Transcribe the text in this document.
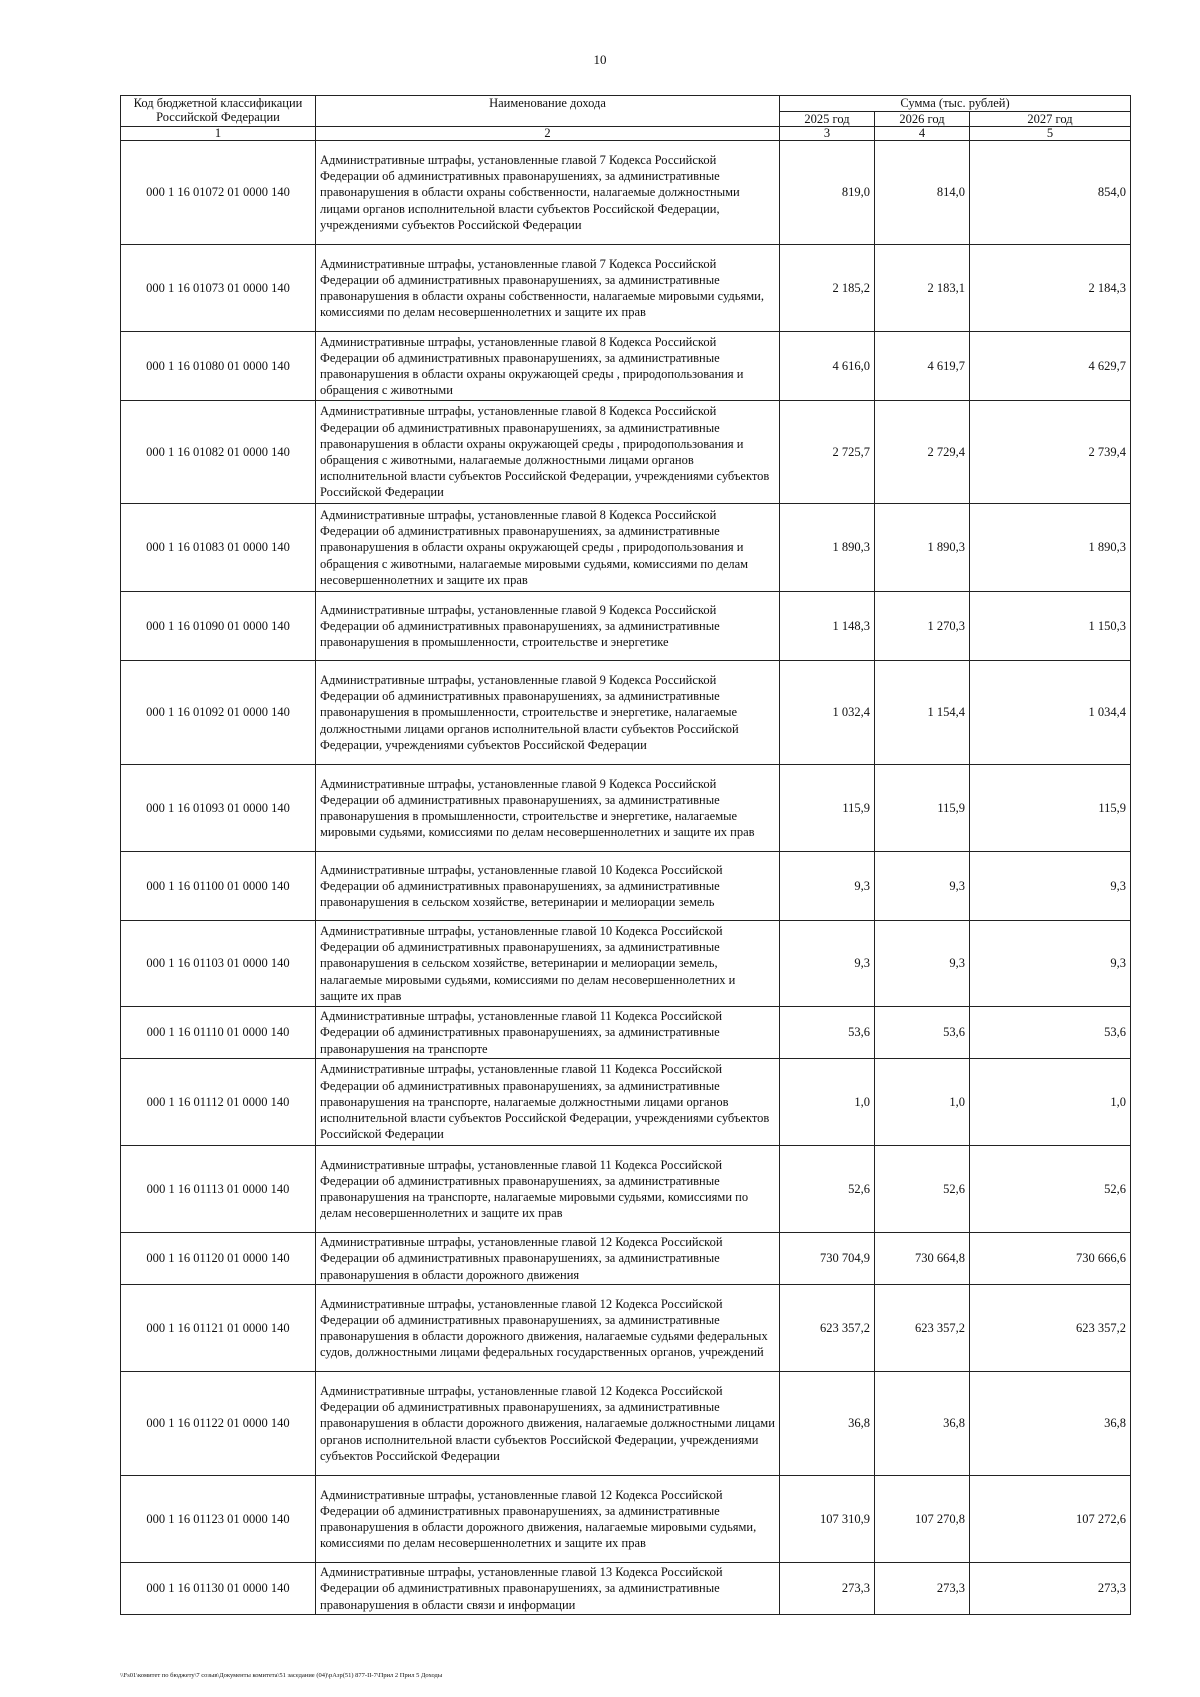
10
Код бюджетной классификации Российской Федерации	Наименование дохода	Сумма (тыс. рублей)		
		2025 год	2026 год	2027 год
1	2	3	4	5
000 1 16 01072 01 0000 140	Административные штрафы, установленные главой 7 Кодекса Российской Федерации об административных правонарушениях, за административные правонарушения в области охраны собственности, налагаемые должностными лицами органов исполнительной власти субъектов Российской Федерации, учреждениями субъектов Российской Федерации	819,0	814,0	854,0
000 1 16 01073 01 0000 140	Административные штрафы, установленные главой 7 Кодекса Российской Федерации об административных правонарушениях, за административные правонарушения в области охраны собственности, налагаемые мировыми судьями, комиссиями по делам несовершеннолетних и защите их прав	2 185,2	2 183,1	2 184,3
000 1 16 01080 01 0000 140	Административные штрафы, установленные главой 8 Кодекса Российской Федерации об административных правонарушениях, за административные правонарушения в области охраны окружающей среды , природопользования и обращения с животными	4 616,0	4 619,7	4 629,7
000 1 16 01082 01 0000 140	Административные штрафы, установленные главой 8 Кодекса Российской Федерации об административных правонарушениях, за административные правонарушения в области охраны окружающей среды , природопользования и обращения с животными, налагаемые должностными лицами органов исполнительной власти субъектов Российской Федерации, учреждениями субъектов Российской Федерации	2 725,7	2 729,4	2 739,4
000 1 16 01083 01 0000 140	Административные штрафы, установленные главой 8 Кодекса Российской Федерации об административных правонарушениях, за административные правонарушения в области охраны окружающей среды , природопользования и обращения с животными, налагаемые мировыми судьями, комиссиями по делам несовершеннолетних и защите их прав	1 890,3	1 890,3	1 890,3
000 1 16 01090 01 0000 140	Административные штрафы, установленные главой 9 Кодекса Российской Федерации об административных правонарушениях, за административные правонарушения в промышленности, строительстве и энергетике	1 148,3	1 270,3	1 150,3
000 1 16 01092 01 0000 140	Административные штрафы, установленные главой 9 Кодекса Российской Федерации об административных правонарушениях, за административные правонарушения в промышленности, строительстве и энергетике, налагаемые должностными лицами органов исполнительной власти субъектов Российской Федерации, учреждениями субъектов Российской Федерации	1 032,4	1 154,4	1 034,4
000 1 16 01093 01 0000 140	Административные штрафы, установленные главой 9 Кодекса Российской Федерации об административных правонарушениях, за административные правонарушения в промышленности, строительстве и энергетике, налагаемые мировыми судьями, комиссиями по делам несовершеннолетних и защите их прав	115,9	115,9	115,9
000 1 16 01100 01 0000 140	Административные штрафы, установленные главой 10 Кодекса Российской Федерации об административных правонарушениях, за административные правонарушения в сельском хозяйстве, ветеринарии и мелиорации земель	9,3	9,3	9,3
000 1 16 01103 01 0000 140	Административные штрафы, установленные главой 10 Кодекса Российской Федерации об административных правонарушениях, за административные правонарушения в сельском хозяйстве, ветеринарии и мелиорации земель, налагаемые мировыми судьями, комиссиями по делам несовершеннолетних и защите их прав	9,3	9,3	9,3
000 1 16 01110 01 0000 140	Административные штрафы, установленные главой 11 Кодекса Российской Федерации об административных правонарушениях, за административные правонарушения на транспорте	53,6	53,6	53,6
000 1 16 01112 01 0000 140	Административные штрафы, установленные главой 11 Кодекса Российской Федерации об административных правонарушениях, за административные правонарушения на транспорте, налагаемые должностными лицами органов исполнительной власти субъектов Российской Федерации, учреждениями субъектов Российской Федерации	1,0	1,0	1,0
000 1 16 01113 01 0000 140	Административные штрафы, установленные главой 11 Кодекса Российской Федерации об административных правонарушениях, за административные правонарушения на транспорте, налагаемые мировыми судьями, комиссиями по делам несовершеннолетних и защите их прав	52,6	52,6	52,6
000 1 16 01120 01 0000 140	Административные штрафы, установленные главой 12 Кодекса Российской Федерации об административных правонарушениях, за административные правонарушения в области дорожного движения	730 704,9	730 664,8	730 666,6
000 1 16 01121 01 0000 140	Административные штрафы, установленные главой 12 Кодекса Российской Федерации об административных правонарушениях, за административные правонарушения в области дорожного движения, налагаемые судьями федеральных судов, должностными лицами федеральных государственных органов, учреждений	623 357,2	623 357,2	623 357,2
000 1 16 01122 01 0000 140	Административные штрафы, установленные главой 12 Кодекса Российской Федерации об административных правонарушениях, за административные правонарушения в области дорожного движения, налагаемые должностными лицами органов исполнительной власти субъектов Российской Федерации, учреждениями субъектов Российской Федерации	36,8	36,8	36,8
000 1 16 01123 01 0000 140	Административные штрафы, установленные главой 12 Кодекса Российской Федерации об административных правонарушениях, за административные правонарушения в области дорожного движения, налагаемые мировыми судьями, комиссиями по делам несовершеннолетних и защите их прав	107 310,9	107 270,8	107 272,6
000 1 16 01130 01 0000 140	Административные штрафы, установленные главой 13 Кодекса Российской Федерации об административных правонарушениях, за административные правонарушения в области связи и информации	273,3	273,3	273,3
\\Fs01\комитет по бюджету\7 созыв\Документы комитета\51 заседание (04)\рАзр(51) 877-II-7\Прил 2 Прил 5 Доходы
